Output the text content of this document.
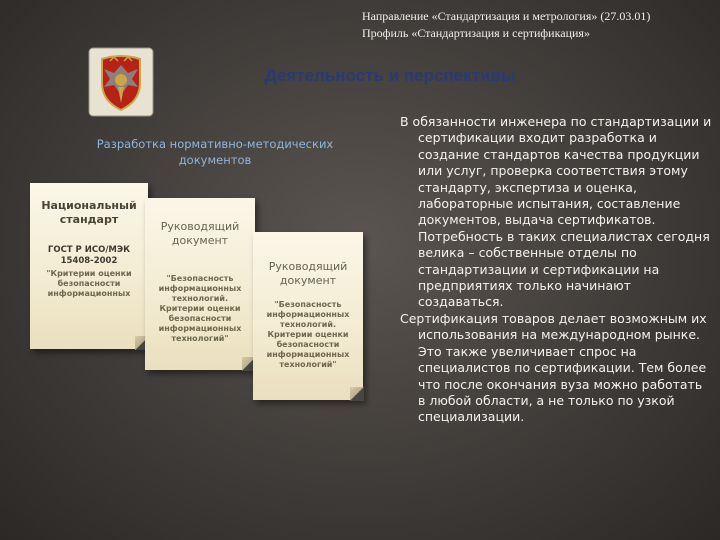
Направление «Стандартизация и метрология» (27.03.01)
Профиль «Стандартизация и сертификация»
Деятельность и перспективы
Разработка нормативно-методических документов
Национальный
стандарт
ГОСТ Р ИСО/МЭК
15408-2002
"Критерии оценки
безопасности
информационных
Руководящий
документ
"Безопасность
информационных
технологий.
Критерии оценки
безопасности
информационных
технологий"
Руководящий
документ
"Безопасность
информационных
технологий.
Критерии оценки
безопасности
информационных
технологий"
В обязанности инженера по стандартизации и сертификации входит разработка и создание стандартов качества продукции или услуг, проверка соответствия этому стандарту, экспертиза и оценка, лабораторные испытания, составление документов, выдача сертификатов. Потребность в таких специалистах сегодня велика – собственные отделы по стандартизации и сертификации на предприятиях только начинают создаваться.
Сертификация товаров делает возможным их использования на международном рынке. Это также увеличивает спрос на специалистов по сертификации. Тем более что после окончания вуза можно работать в любой области, а не только по узкой специализации.
